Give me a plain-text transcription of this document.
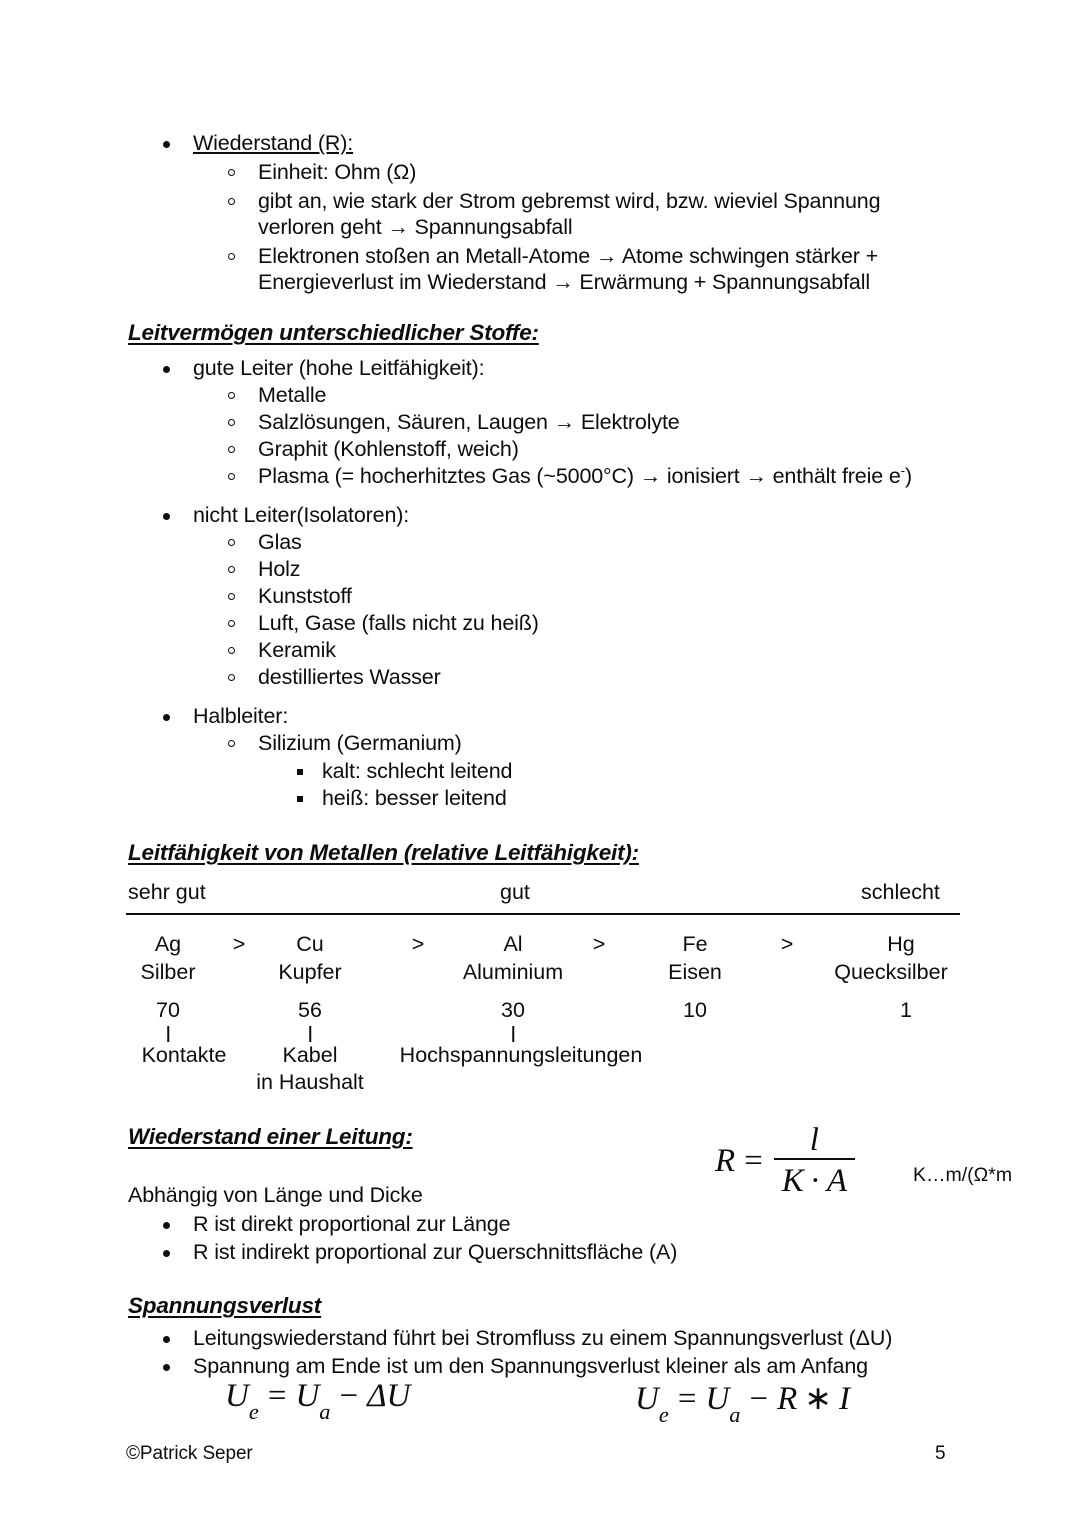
Wiederstand (R):
Einheit: Ohm (Ω)
gibt an, wie stark der Strom gebremst wird, bzw. wieviel Spannung
verloren geht → Spannungsabfall
Elektronen stoßen an Metall-Atome → Atome schwingen stärker +
Energieverlust im Wiederstand → Erwärmung + Spannungsabfall
Leitvermögen unterschiedlicher Stoffe:
gute Leiter (hohe Leitfähigkeit):
Metalle
Salzlösungen, Säuren, Laugen → Elektrolyte
Graphit (Kohlenstoff, weich)
Plasma (= hocherhitztes Gas (~5000°C) → ionisiert → enthält freie e-)
nicht Leiter(Isolatoren):
Glas
Holz
Kunststoff
Luft, Gase (falls nicht zu heiß)
Keramik
destilliertes Wasser
Halbleiter:
Silizium (Germanium)
kalt: schlecht leitend
heiß: besser leitend
Leitfähigkeit von Metallen (relative Leitfähigkeit):
sehr gut	gut	schlecht
Ag	Cu	Al	Fe	Hg
>	>	>	>
Silber	Kupfer	Aluminium	Eisen	Quecksilber
70	56	30	10	1
Kontakte	Kabel	Hochspannungsleitungen
in Haushalt
Wiederstand einer Leitung:
Abhängig von Länge und Dicke
R ist direkt proportional zur Länge
R ist indirekt proportional zur Querschnittsfläche (A)
$R = \frac{l}{K \cdot A}$	K…m/(Ω*m
Spannungsverlust
Leitungswiederstand führt bei Stromfluss zu einem Spannungsverlust (ΔU)
Spannung am Ende ist um den Spannungsverlust kleiner als am Anfang
$U_e = U_a - \Delta U$	$U_e = U_a - R$ ∗ I
©Patrick Seper	5
